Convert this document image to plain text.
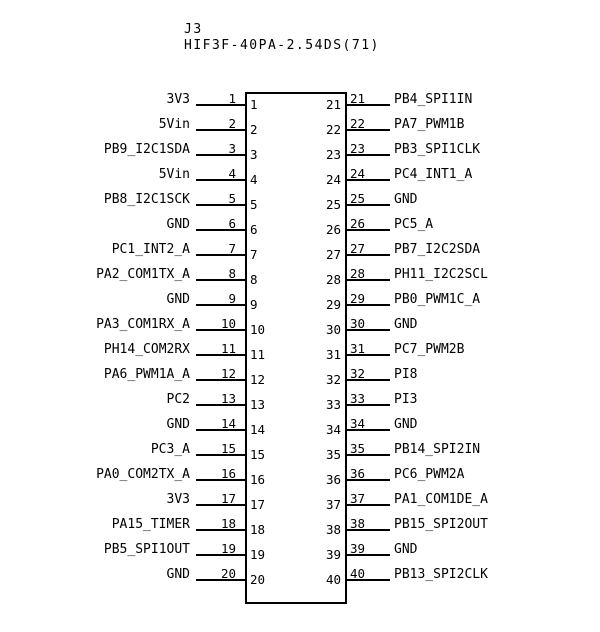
J3
HIF3F-40PA-2.54DS(71)
3V3	1 1
5Vin	2 2
PB9_I2C1SDA	3 3
5Vin	4 4
PB8_I2C1SCK	5 5
GND	6 6
PC1_INT2_A	7 7
PA2_COM1TX_A	8 8
GND	9 9
PA3_COM1RX_A 10 10
PH14_COM2RX 11 11
PA6_PWM1A_A 12 12
PC2 13 13
GND 14 14
PC3_A 15 15
PA0_COM2TX_A 16 16
3V3 17 17
PA15_TIMER 18 18
PB5_SPI1OUT 19 19
GND 20 20
21 21 PB4_SPI1IN
22 22 PA7_PWM1B
23 23 PB3_SPI1CLK
24 24 PC4_INT1_A
25 25 GND
26 26 PC5_A
27 27 PB7_I2C2SDA
28 28 PH11_I2C2SCL
29 29 PB0_PWM1C_A
30 30 GND
31 31 PC7_PWM2B
32 32 PI8
33 33 PI3
34 34 GND
35 35 PB14_SPI2IN
36 36 PC6_PWM2A
37 37 PA1_COM1DE_A
38 38 PB15_SPI2OUT
39 39 GND
40 40 PB13_SPI2CLK
